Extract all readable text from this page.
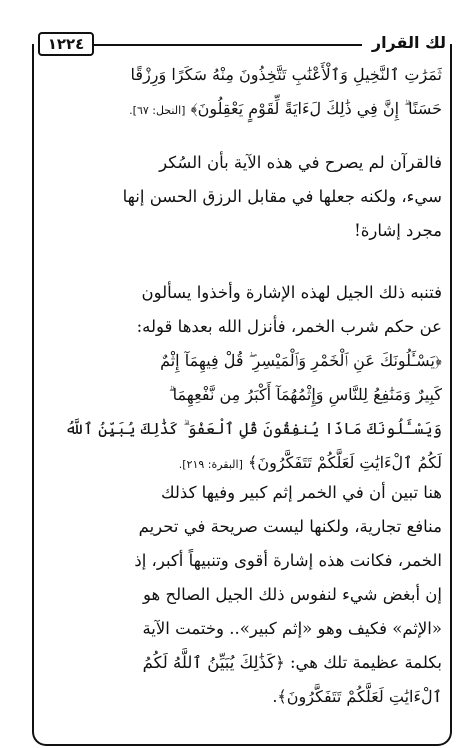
١٢٢٤	لك القرار
ثَمَرَٰتِ ٱلنَّخِيلِ وَٱلْأَعْنَٰبِ تَتَّخِذُونَ مِنْهُ سَكَرًا وَرِزْقًا
حَسَنًا ۗ إِنَّ فِي ذَٰلِكَ لَءَايَةً لِّقَوْمٍ يَعْقِلُونَ﴾ [النحل: ٦٧].
فالقرآن لم يصرح في هذه الآية بأن السُكر
سيء، ولكنه جعلها في مقابل الرزق الحسن إنها
مجرد إشارة!
فتنبه ذلك الجيل لهذه الإشارة وأخذوا يسألون
عن حكم شرب الخمر، فأنزل الله بعدها قوله:
﴿يَسْـَٔلُونَكَ عَنِ ٱلْخَمْرِ وَٱلْمَيْسِرِ ۖ قُلْ فِيهِمَآ إِثْمٌ
كَبِيرٌ وَمَنَٰفِعُ لِلنَّاسِ وَإِثْمُهُمَآ أَكْبَرُ مِن نَّفْعِهِمَا ۗ
وَيَسْـَٔلُونَكَ مَاذَا يُنفِقُونَ قُلِ ٱلْعَفْوَ ۗ كَذَٰلِكَ يُبَيِّنُ ٱللَّهُ
لَكُمُ ٱلْءَايَٰتِ لَعَلَّكُمْ تَتَفَكَّرُونَ﴾ [البقرة: ٢١٩].
هنا تبين أن في الخمر إثم كبير وفيها كذلك
منافع تجارية، ولكنها ليست صريحة في تحريم
الخمر، فكانت هذه إشارة أقوى وتنبيهاً أكبر، إذ
إن أبغض شيء لنفوس ذلك الجيل الصالح هو
«الإثم» فكيف وهو «إثم كبير».. وختمت الآية
بكلمة عظيمة تلك هي: ﴿كَذَٰلِكَ يُبَيِّنُ ٱللَّهُ لَكُمُ
ٱلْءَايَٰتِ لَعَلَّكُمْ تَتَفَكَّرُونَ﴾.
